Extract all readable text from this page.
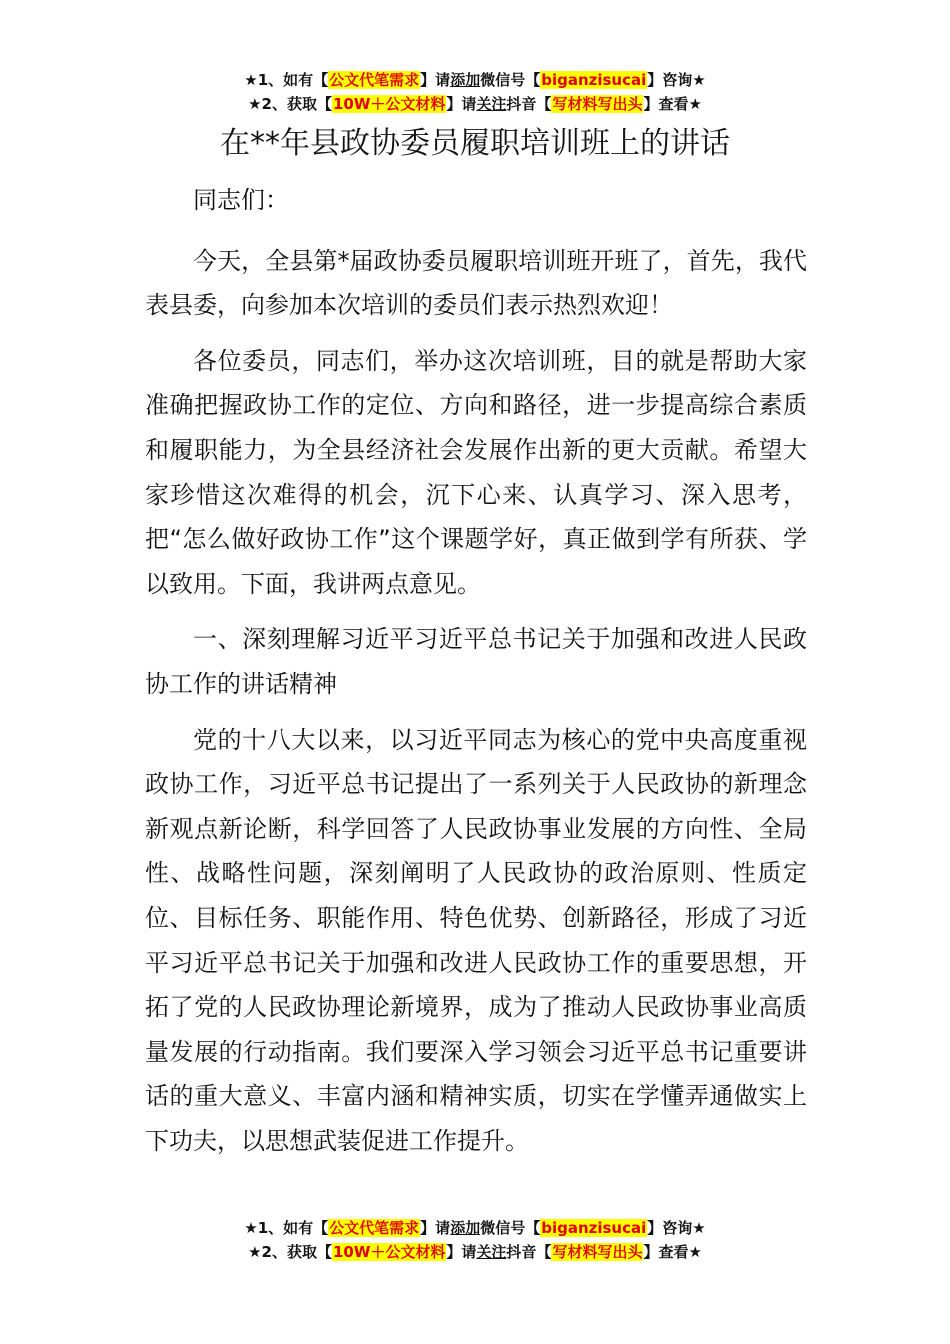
★1、如有【公文代笔需求】请添加微信号【biganzisucai】咨询★
★2、获取【10W＋公文材料】请关注抖音【写材料写出头】查看★
在**年县政协委员履职培训班上的讲话

同志们：

今天，全县第*届政协委员履职培训班开班了，首先，我代表县委，向参加本次培训的委员们表示热烈欢迎！

各位委员，同志们，举办这次培训班，目的就是帮助大家准确把握政协工作的定位、方向和路径，进一步提高综合素质和履职能力，为全县经济社会发展作出新的更大贡献。希望大家珍惜这次难得的机会，沉下心来、认真学习、深入思考，把“怎么做好政协工作”这个课题学好，真正做到学有所获、学以致用。下面，我讲两点意见。

一、深刻理解习近平习近平总书记关于加强和改进人民政协工作的讲话精神

党的十八大以来，以习近平同志为核心的党中央高度重视政协工作，习近平总书记提出了一系列关于人民政协的新理念新观点新论断，科学回答了人民政协事业发展的方向性、全局性、战略性问题，深刻阐明了人民政协的政治原则、性质定位、目标任务、职能作用、特色优势、创新路径，形成了习近平习近平总书记关于加强和改进人民政协工作的重要思想，开拓了党的人民政协理论新境界，成为了推动人民政协事业高质量发展的行动指南。我们要深入学习领会习近平总书记重要讲话的重大意义、丰富内涵和精神实质，切实在学懂弄通做实上下功夫，以思想武装促进工作提升。

★1、如有【公文代笔需求】请添加微信号【biganzisucai】咨询★
★2、获取【10W＋公文材料】请关注抖音【写材料写出头】查看★
